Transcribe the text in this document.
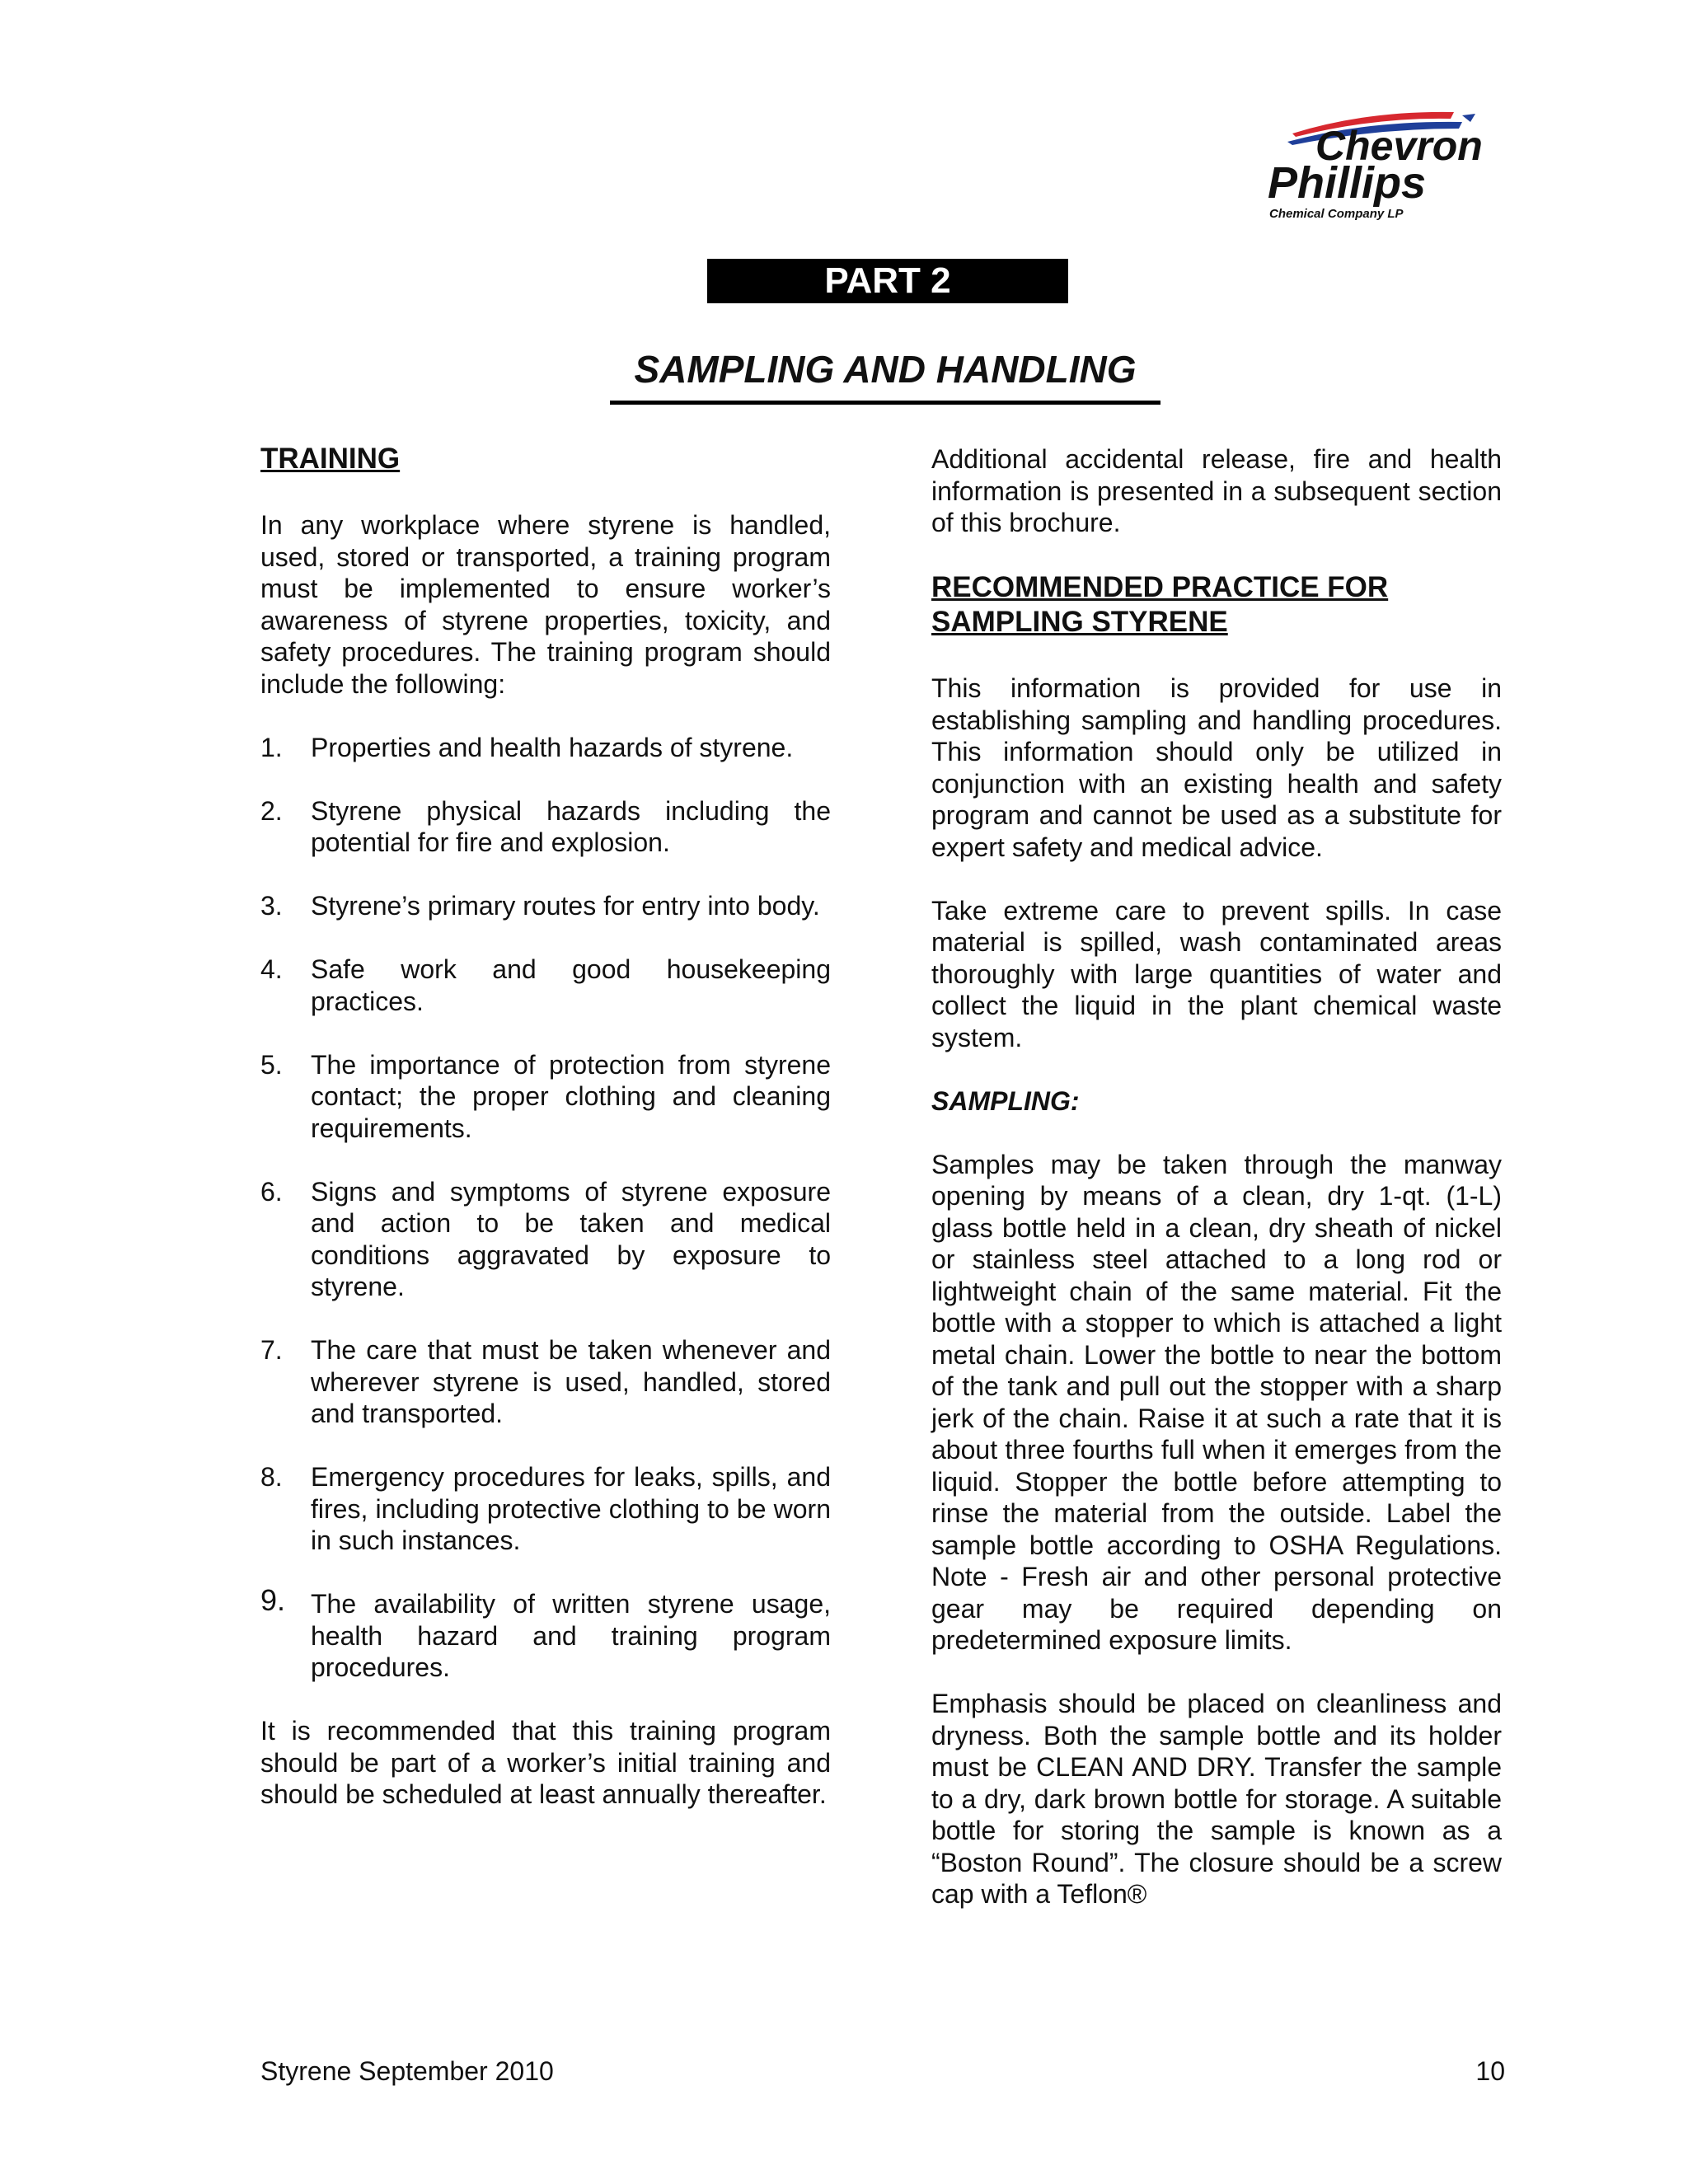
Chevron
Phillips
Chemical Company LP
PART 2
SAMPLING AND HANDLING
TRAINING

In any workplace where styrene is handled, used, stored or transported, a training program must be implemented to ensure worker’s awareness of styrene properties, toxicity, and safety procedures. The training program should include the following:

1. Properties and health hazards of styrene.
2. Styrene physical hazards including the potential for fire and explosion.
3. Styrene’s primary routes for entry into body.
4. Safe work and good housekeeping practices.
5. The importance of protection from styrene contact; the proper clothing and cleaning requirements.
6. Signs and symptoms of styrene exposure and action to be taken and medical conditions aggravated by exposure to styrene.
7. The care that must be taken whenever and wherever styrene is used, handled, stored and transported.
8. Emergency procedures for leaks, spills, and fires, including protective clothing to be worn in such instances.
9. The availability of written styrene usage, health hazard and training program procedures.

It is recommended that this training program should be part of a worker’s initial training and should be scheduled at least annually thereafter.

Additional accidental release, fire and health information is presented in a subsequent section of this brochure.

RECOMMENDED PRACTICE FOR
SAMPLING STYRENE

This information is provided for use in establishing sampling and handling procedures. This information should only be utilized in conjunction with an existing health and safety program and cannot be used as a substitute for expert safety and medical advice.

Take extreme care to prevent spills. In case material is spilled, wash contaminated areas thoroughly with large quantities of water and collect the liquid in the plant chemical waste system.

SAMPLING:

Samples may be taken through the manway opening by means of a clean, dry 1-qt. (1-L) glass bottle held in a clean, dry sheath of nickel or stainless steel attached to a long rod or lightweight chain of the same material. Fit the bottle with a stopper to which is attached a light metal chain. Lower the bottle to near the bottom of the tank and pull out the stopper with a sharp jerk of the chain. Raise it at such a rate that it is about three fourths full when it emerges from the liquid. Stopper the bottle before attempting to rinse the material from the outside. Label the sample bottle according to OSHA Regulations. Note - Fresh air and other personal protective gear may be required depending on predetermined exposure limits.

Emphasis should be placed on cleanliness and dryness. Both the sample bottle and its holder must be CLEAN AND DRY. Transfer the sample to a dry, dark brown bottle for storage. A suitable bottle for storing the sample is known as a “Boston Round”. The closure should be a screw cap with a Teflon®

Styrene September 2010	10
